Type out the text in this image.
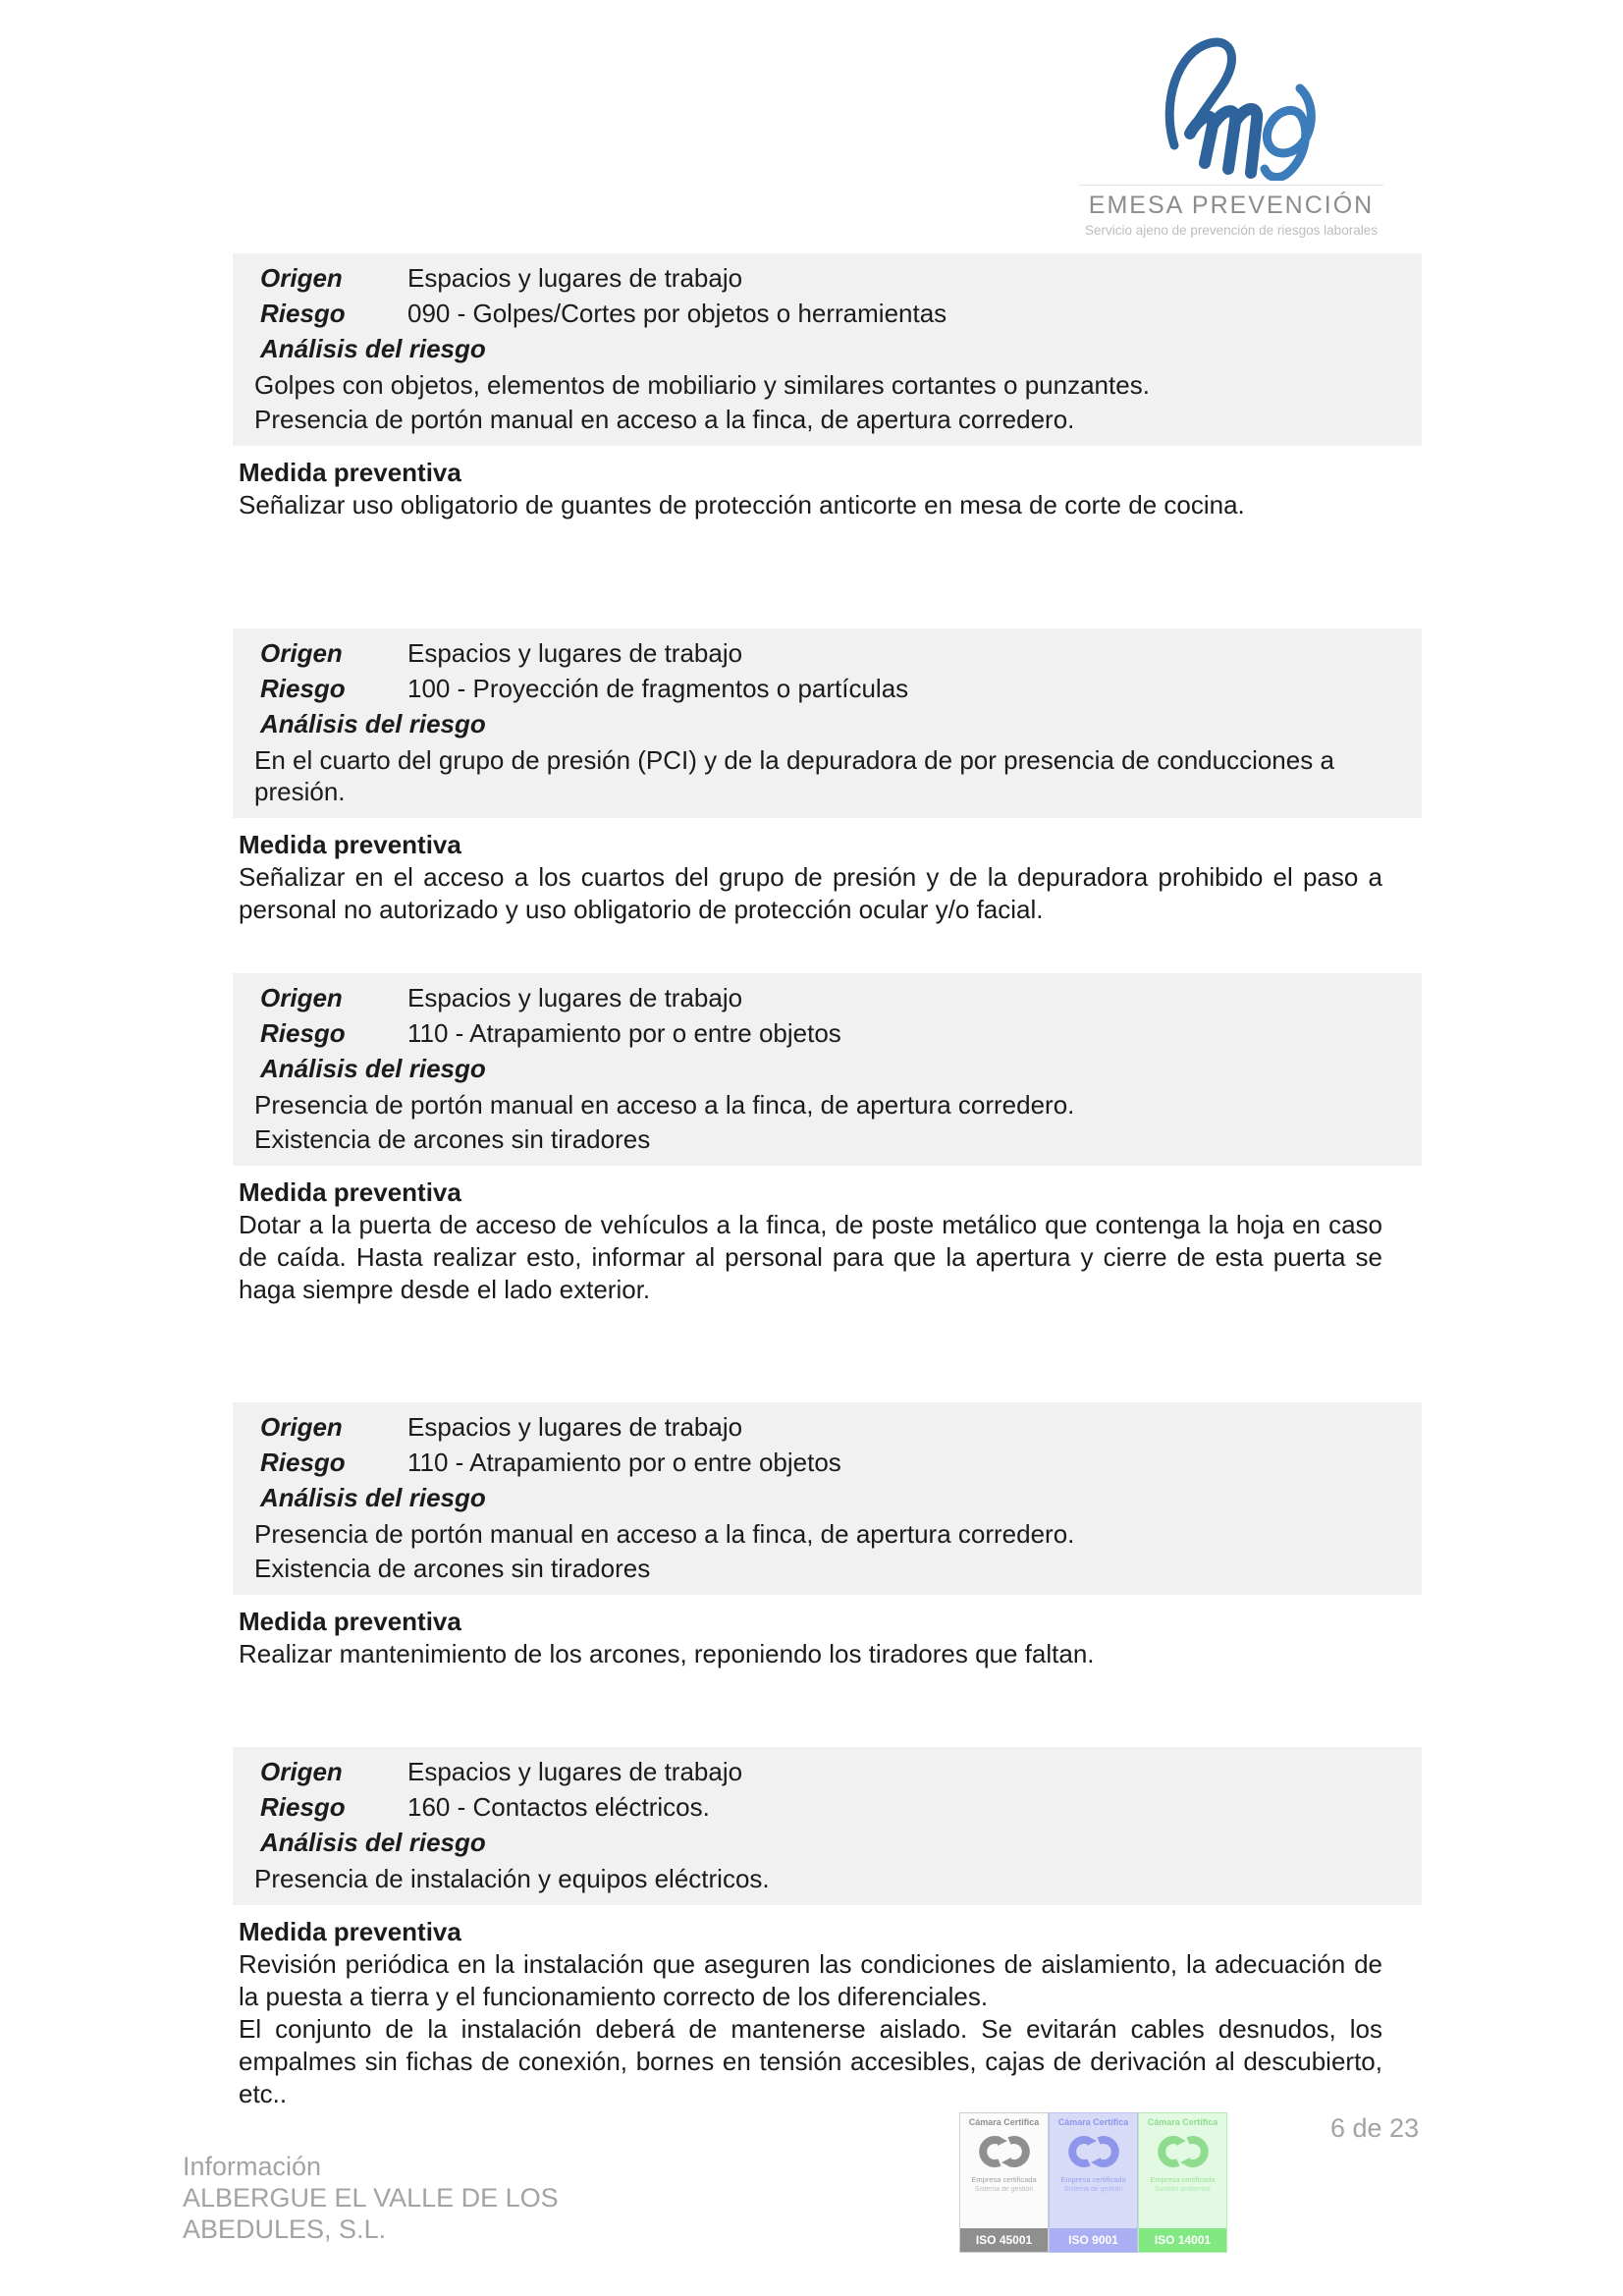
EMESA PREVENCIÓN
Servicio ajeno de prevención de riesgos laborales
Origen	Espacios y lugares de trabajo
Riesgo	090 - Golpes/Cortes por objetos o herramientas
Análisis del riesgo
Golpes con objetos, elementos de mobiliario y similares cortantes o punzantes.
Presencia de portón manual en acceso a la finca, de apertura corredero.
Medida preventiva

Señalizar uso obligatorio de guantes de protección anticorte en mesa de corte de cocina.

Origen	Espacios y lugares de trabajo
Riesgo	100 - Proyección de fragmentos o partículas
Análisis del riesgo
En el cuarto del grupo de presión (PCI) y de la depuradora de por presencia de conducciones a presión.
Medida preventiva

Señalizar en el acceso a los cuartos del grupo de presión y de la depuradora prohibido el paso a personal no autorizado y uso obligatorio de protección ocular y/o facial.

Origen	Espacios y lugares de trabajo
Riesgo	110 - Atrapamiento por o entre objetos
Análisis del riesgo
Presencia de portón manual en acceso a la finca, de apertura corredero.
Existencia de arcones sin tiradores
Medida preventiva

Dotar a la puerta de acceso de vehículos a la finca, de poste metálico que contenga la hoja en caso de caída. Hasta realizar esto, informar al personal para que la apertura y cierre de esta puerta se haga siempre desde el lado exterior.

Origen	Espacios y lugares de trabajo
Riesgo	110 - Atrapamiento por o entre objetos
Análisis del riesgo
Presencia de portón manual en acceso a la finca, de apertura corredero.
Existencia de arcones sin tiradores
Medida preventiva

Realizar mantenimiento de los arcones, reponiendo los tiradores que faltan.

Origen	Espacios y lugares de trabajo
Riesgo	160 - Contactos eléctricos.
Análisis del riesgo
Presencia de instalación y equipos eléctricos.
Medida preventiva

Revisión periódica en la instalación que aseguren las condiciones de aislamiento, la adecuación de la puesta a tierra y el funcionamiento correcto de los diferenciales.

El conjunto de la instalación deberá de mantenerse aislado. Se evitarán cables desnudos, los empalmes sin fichas de conexión, bornes en tensión accesibles, cajas de derivación al descubierto, etc..

Información
ALBERGUE EL VALLE DE LOS
ABEDULES, S.L.
Cámara Certifica
Empresa certificada
Sistema de gestión
ISO 45001
Cámara Certifica
Empresa certificada
Sistema de gestión
ISO 9001
Cámara Certifica
Empresa certificada
Gestión ambiental
ISO 14001
6 de 23
